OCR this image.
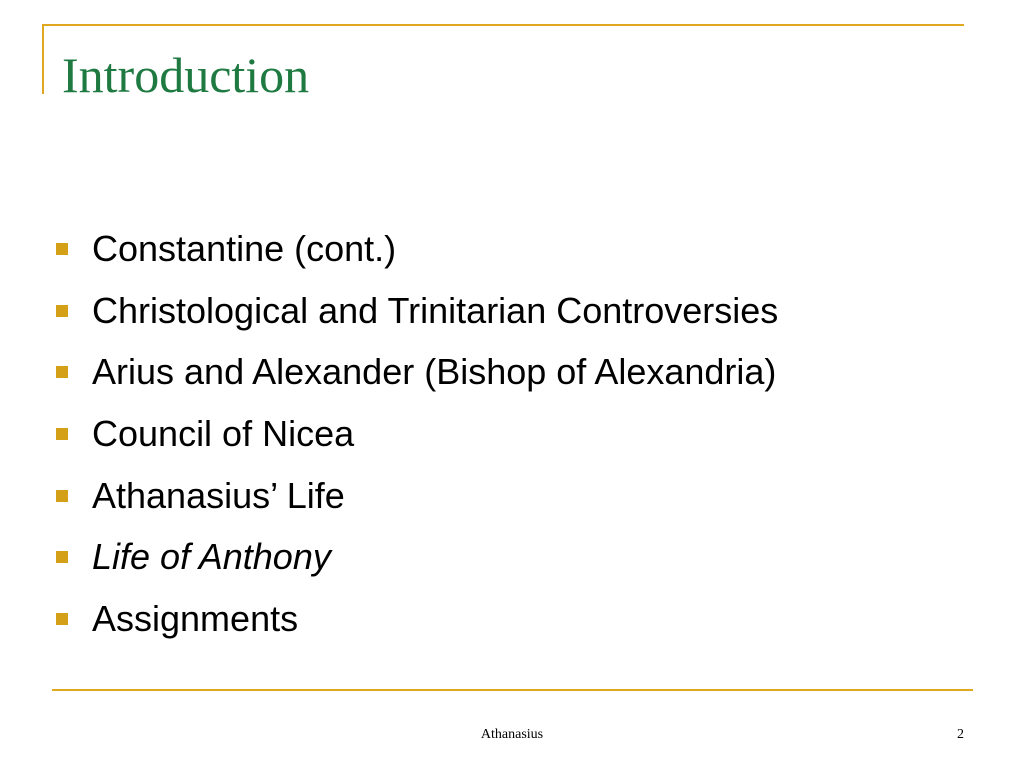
Introduction
Constantine (cont.)
Christological and Trinitarian Controversies
Arius and Alexander (Bishop of Alexandria)
Council of Nicea
Athanasius’ Life
Life of Anthony
Assignments
Athanasius	2
